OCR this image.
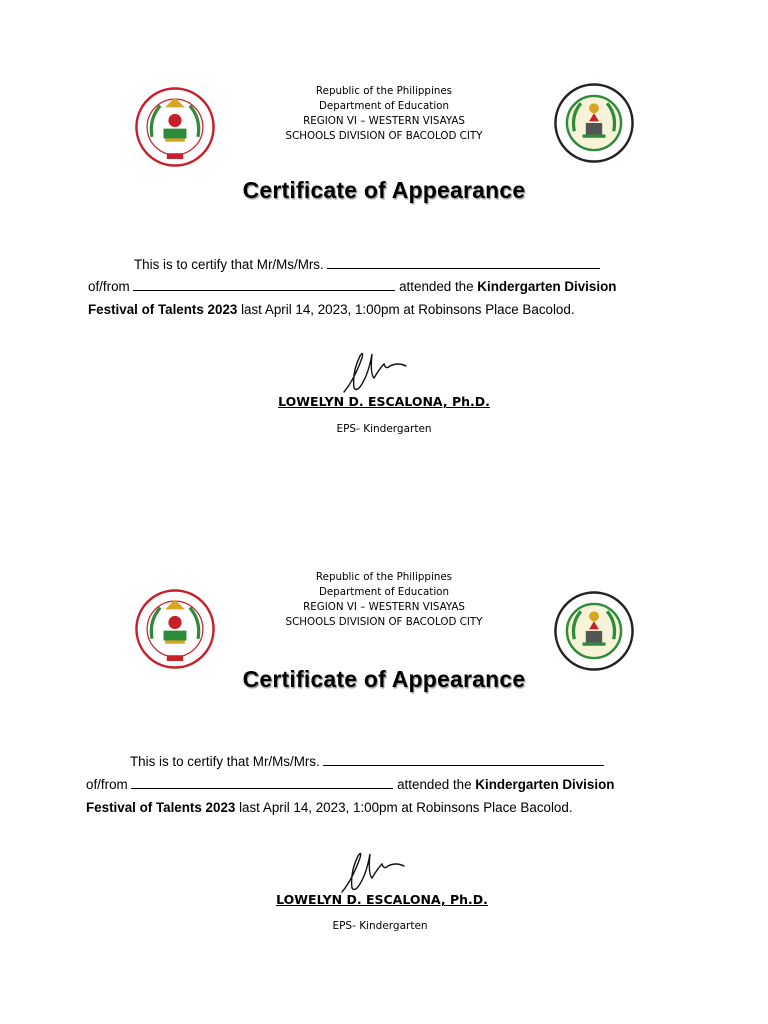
Republic of the Philippines
Department of Education
REGION VI – WESTERN VISAYAS
SCHOOLS DIVISION OF BACOLOD CITY
Certificate of Appearance
This is to certify that Mr/Ms/Mrs.
of/from	attended the Kindergarten Division
Festival of Talents 2023 last April 14, 2023, 1:00pm at Robinsons Place Bacolod.
LOWELYN D. ESCALONA, Ph.D.
EPS- Kindergarten
Republic of the Philippines
Department of Education
REGION VI – WESTERN VISAYAS
SCHOOLS DIVISION OF BACOLOD CITY
Certificate of Appearance
This is to certify that Mr/Ms/Mrs.
of/from	attended the Kindergarten Division
Festival of Talents 2023 last April 14, 2023, 1:00pm at Robinsons Place Bacolod.
LOWELYN D. ESCALONA, Ph.D.
EPS- Kindergarten
